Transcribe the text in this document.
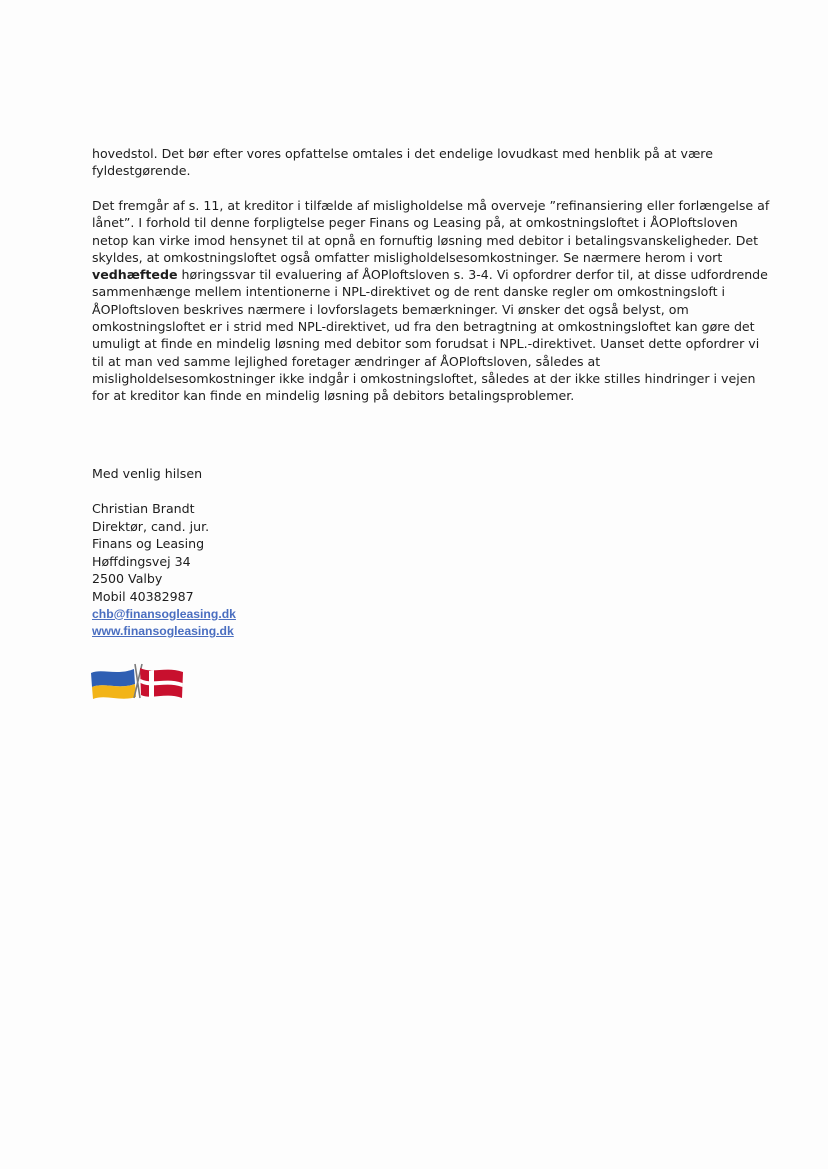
hovedstol. Det bør efter vores opfattelse omtales i det endelige lovudkast med henblik på at være
fyldestgørende.
Det fremgår af s. 11, at kreditor i tilfælde af misligholdelse må overveje ”refinansiering eller forlængelse af
lånet”. I forhold til denne forpligtelse peger Finans og Leasing på, at omkostningsloftet i ÅOPloftsloven
netop kan virke imod hensynet til at opnå en fornuftig løsning med debitor i betalingsvanskeligheder. Det
skyldes, at omkostningsloftet også omfatter misligholdelsesomkostninger. Se nærmere herom i vort
vedhæftede høringssvar til evaluering af ÅOPloftsloven s. 3-4. Vi opfordrer derfor til, at disse udfordrende
sammenhænge mellem intentionerne i NPL-direktivet og de rent danske regler om omkostningsloft i
ÅOPloftsloven beskrives nærmere i lovforslagets bemærkninger. Vi ønsker det også belyst, om
omkostningsloftet er i strid med NPL-direktivet, ud fra den betragtning at omkostningsloftet kan gøre det
umuligt at finde en mindelig løsning med debitor som forudsat i NPL.-direktivet. Uanset dette opfordrer vi
til at man ved samme lejlighed foretager ændringer af ÅOPloftsloven, således at
misligholdelsesomkostninger ikke indgår i omkostningsloftet, således at der ikke stilles hindringer i vejen
for at kreditor kan finde en mindelig løsning på debitors betalingsproblemer.
Med venlig hilsen
Christian Brandt
Direktør, cand. jur.
Finans og Leasing
Høffdingsvej 34
2500 Valby
Mobil 40382987
chb@finansogleasing.dk
www.finansogleasing.dk
